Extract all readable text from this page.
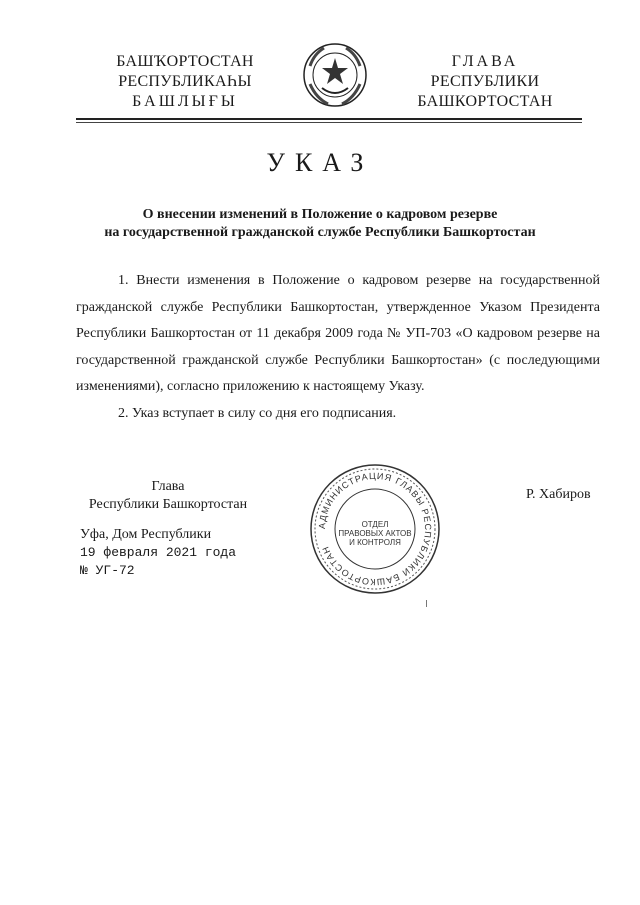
БАШҠОРТОСТАН
РЕСПУБЛИКАҺЫ
БАШЛЫҒЫ
ГЛАВА
РЕСПУБЛИКИ
БАШКОРТОСТАН
УКАЗ
О внесении изменений в Положение о кадровом резерве
на государственной гражданской службе Республики Башкортостан

1. Внести изменения в Положение о кадровом резерве на государственной гражданской службе Республики Башкортостан, утвержденное Указом Президента Республики Башкортостан от 11 декабря 2009 года № УП-703 «О кадровом резерве на государственной гражданской службе Республики Башкортостан» (с последующими изменениями), согласно приложению к настоящему Указу.

2. Указ вступает в силу со дня его подписания.

Глава
Республики Башкортостан
Р. Хабиров
АДМИНИСТРАЦИЯ ГЛАВЫ РЕСПУБЛИКИ БАШКОРТОСТАН
ОТДЕЛ
ПРАВОВЫХ АКТОВ
И КОНТРОЛЯ
Уфа, Дом Республики
19 февраля 2021 года
№ УГ-72
